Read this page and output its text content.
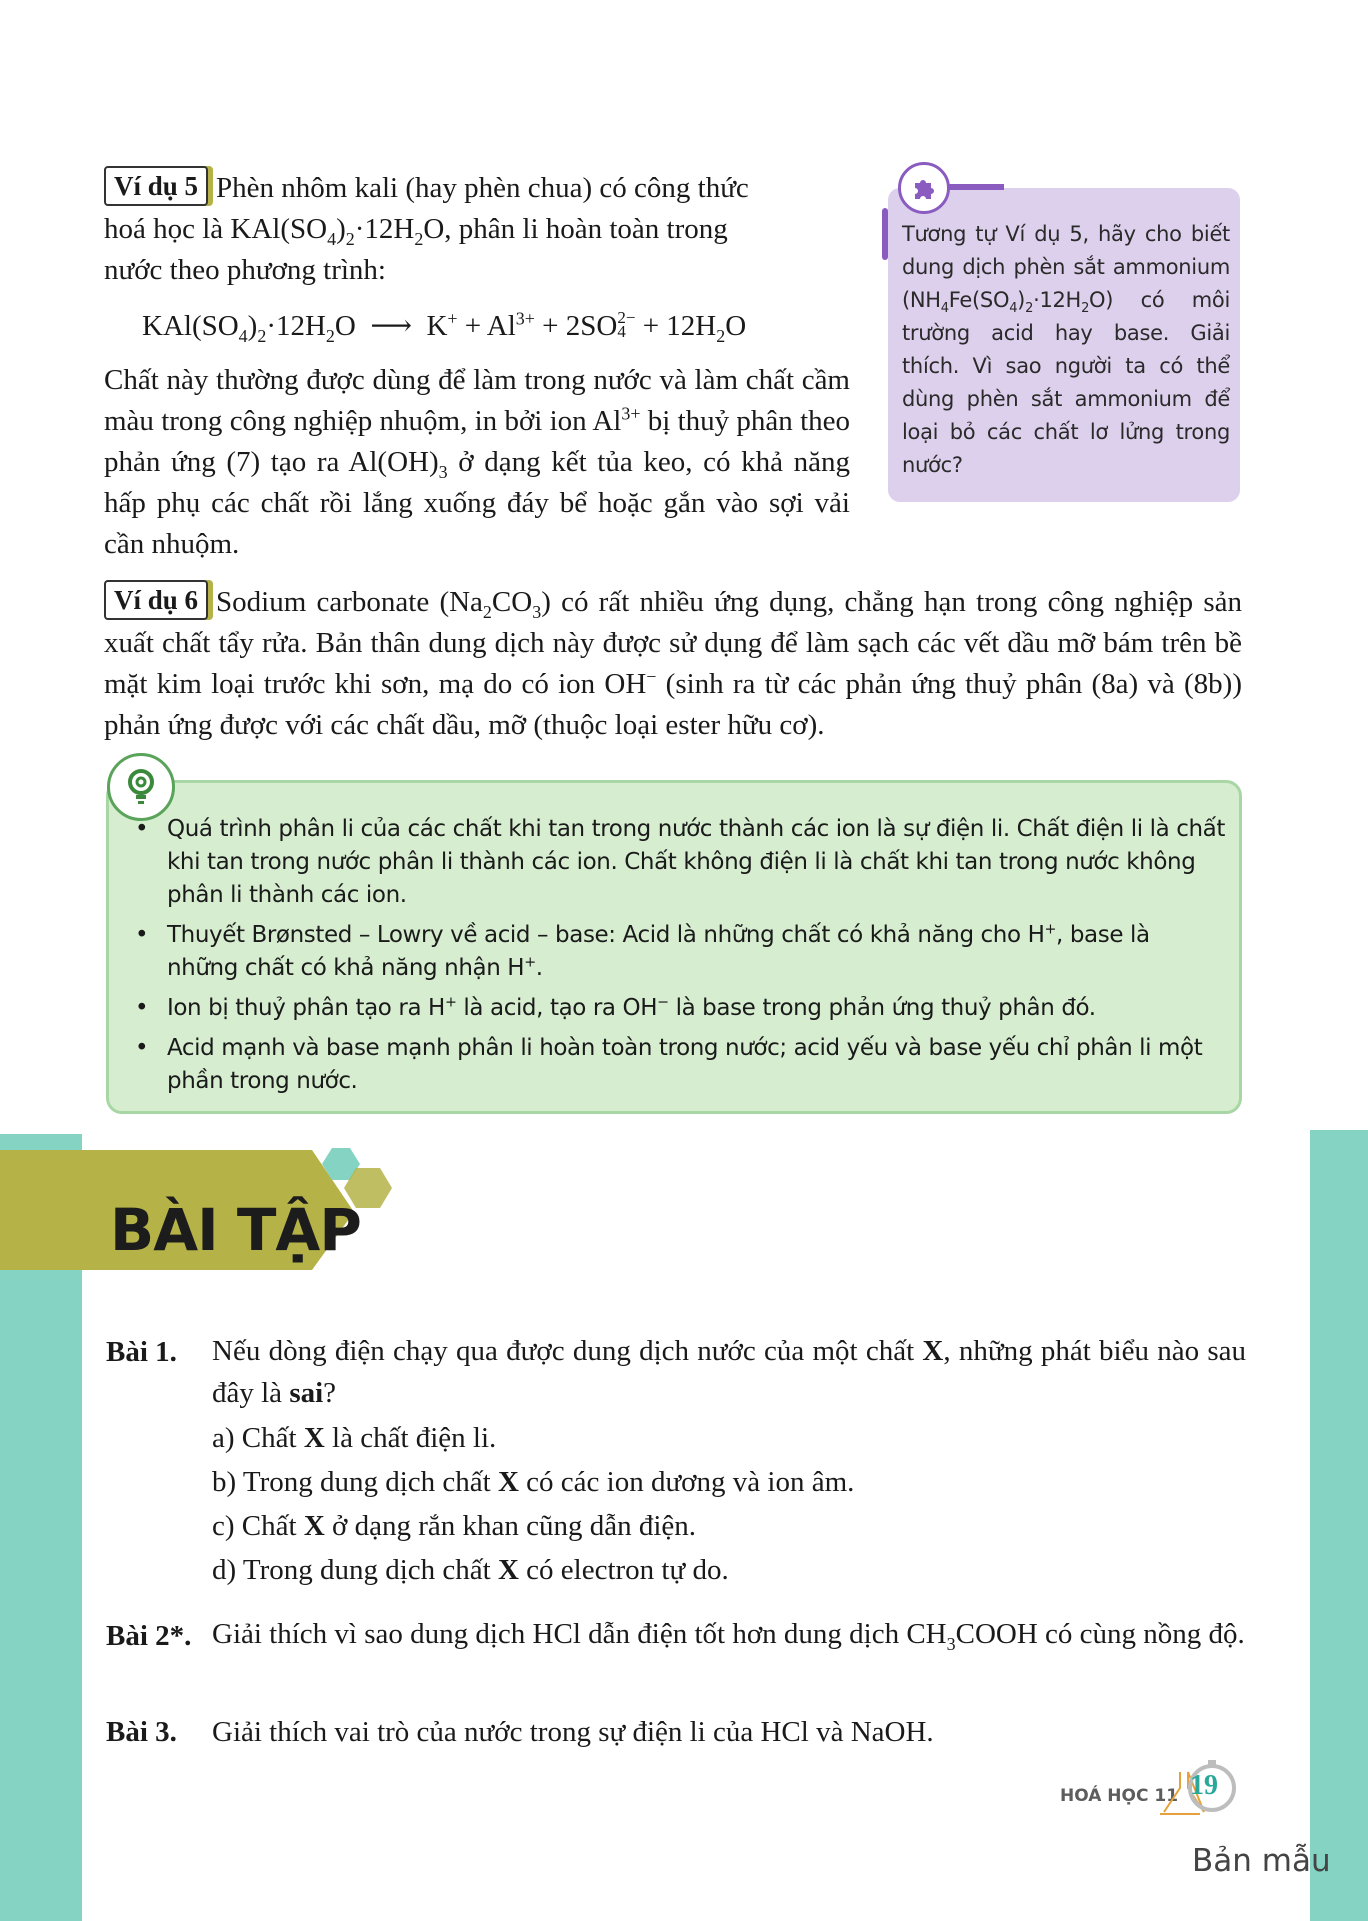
Ví dụ 5 Phèn nhôm kali (hay phèn chua) có công thức
hoá học là $KAl(SO_4)_2\cdot 12H_2O$, phân li hoàn toàn trong
nước theo phương trình:
$KAl(SO_4)_2\cdot 12H_2O$ ⟶ $K^+ + Al^{3+} + 2SO2-$
$4 + 12H_2O$
Chất này thường được dùng để làm trong nước và làm chất cầm màu trong công nghiệp nhuộm, in bởi ion $Al^{3+}$ bị thuỷ phân theo phản ứng (7) tạo ra $Al(OH)_3$ ở dạng kết tủa keo, có khả năng hấp phụ các chất rồi lắng xuống đáy bể hoặc gắn vào sợi vải cần nhuộm.
Tương tự Ví dụ 5, hãy cho biết dung dịch phèn sắt ammonium $(NH_4Fe(SO_4)_2\cdot 12H_2O)$ có môi trường acid hay base. Giải thích. Vì sao người ta có thể dùng phèn sắt ammonium để loại bỏ các chất lơ lửng trong nước?
Ví dụ 6 Sodium carbonate $(Na_2CO_3)$ có rất nhiều ứng dụng, chẳng hạn trong công nghiệp sản xuất chất tẩy rửa. Bản thân dung dịch này được sử dụng để làm sạch các vết dầu mỡ bám trên bề mặt kim loại trước khi sơn, mạ do có ion OH− (sinh ra từ các phản ứng thuỷ phân (8a) và (8b)) phản ứng được với các chất dầu, mỡ (thuộc loại ester hữu cơ).
• Quá trình phân li của các chất khi tan trong nước thành các ion là sự điện li. Chất điện li là chất khi tan trong nước phân li thành các ion. Chất không điện li là chất khi tan trong nước không phân li thành các ion.
• Thuyết Brønsted – Lowry về acid – base: Acid là những chất có khả năng cho H+, base là những chất có khả năng nhận H+.
• Ion bị thuỷ phân tạo ra H+ là acid, tạo ra OH− là base trong phản ứng thuỷ phân đó.
• Acid mạnh và base mạnh phân li hoàn toàn trong nước; acid yếu và base yếu chỉ phân li một phần trong nước.
BÀI TẬP
Bài 1. Nếu dòng điện chạy qua được dung dịch nước của một chất X, những phát biểu nào sau đây là sai?
a) Chất X là chất điện li.
b) Trong dung dịch chất X có các ion dương và ion âm.
c) Chất X ở dạng rắn khan cũng dẫn điện.
d) Trong dung dịch chất X có electron tự do.
Bài 2*. Giải thích vì sao dung dịch HCl dẫn điện tốt hơn dung dịch $CH_3COOH$ có cùng nồng độ.
Bài 3. Giải thích vai trò của nước trong sự điện li của HCl và NaOH.
HOÁ HỌC 11 19
Bản mẫu
